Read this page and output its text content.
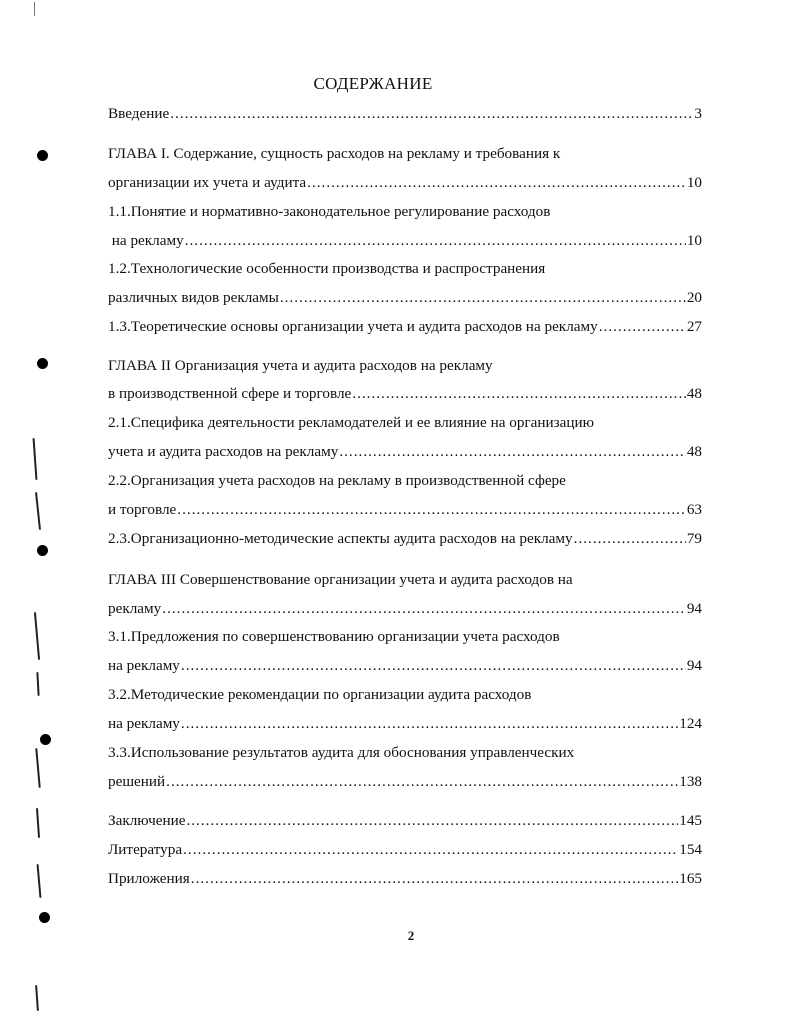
СОДЕРЖАНИЕ
Введение .....	3
ГЛАВА I. Содержание, сущность расходов на рекламу и требования к
организации их учета и аудита .....	10
1.1.Понятие и нормативно-законодательное регулирование расходов
на рекламу .....	10
1.2.Технологические особенности производства и распространения
различных видов рекламы .....	20
1.3.Теоретические основы организации учета и аудита расходов на рекламу .....	27
ГЛАВА II Организация учета и аудита расходов на рекламу
в производственной сфере и торговле .....	48
2.1.Специфика деятельности рекламодателей и ее влияние на организацию
учета и аудита расходов на рекламу .....	48
2.2.Организация учета расходов на рекламу в производственной сфере
и торговле .....	63
2.3.Организационно-методические аспекты аудита расходов на рекламу .....	79
ГЛАВА III Совершенствование организации учета и аудита расходов на
рекламу .....	94
3.1.Предложения по совершенствованию организации учета расходов
на рекламу .....	94
3.2.Методические рекомендации по организации аудита расходов
на рекламу .....	124
3.3.Использование результатов аудита для обоснования управленческих
решений .....	138
Заключение .....	145
Литература .....	154
Приложения .....	165
2
